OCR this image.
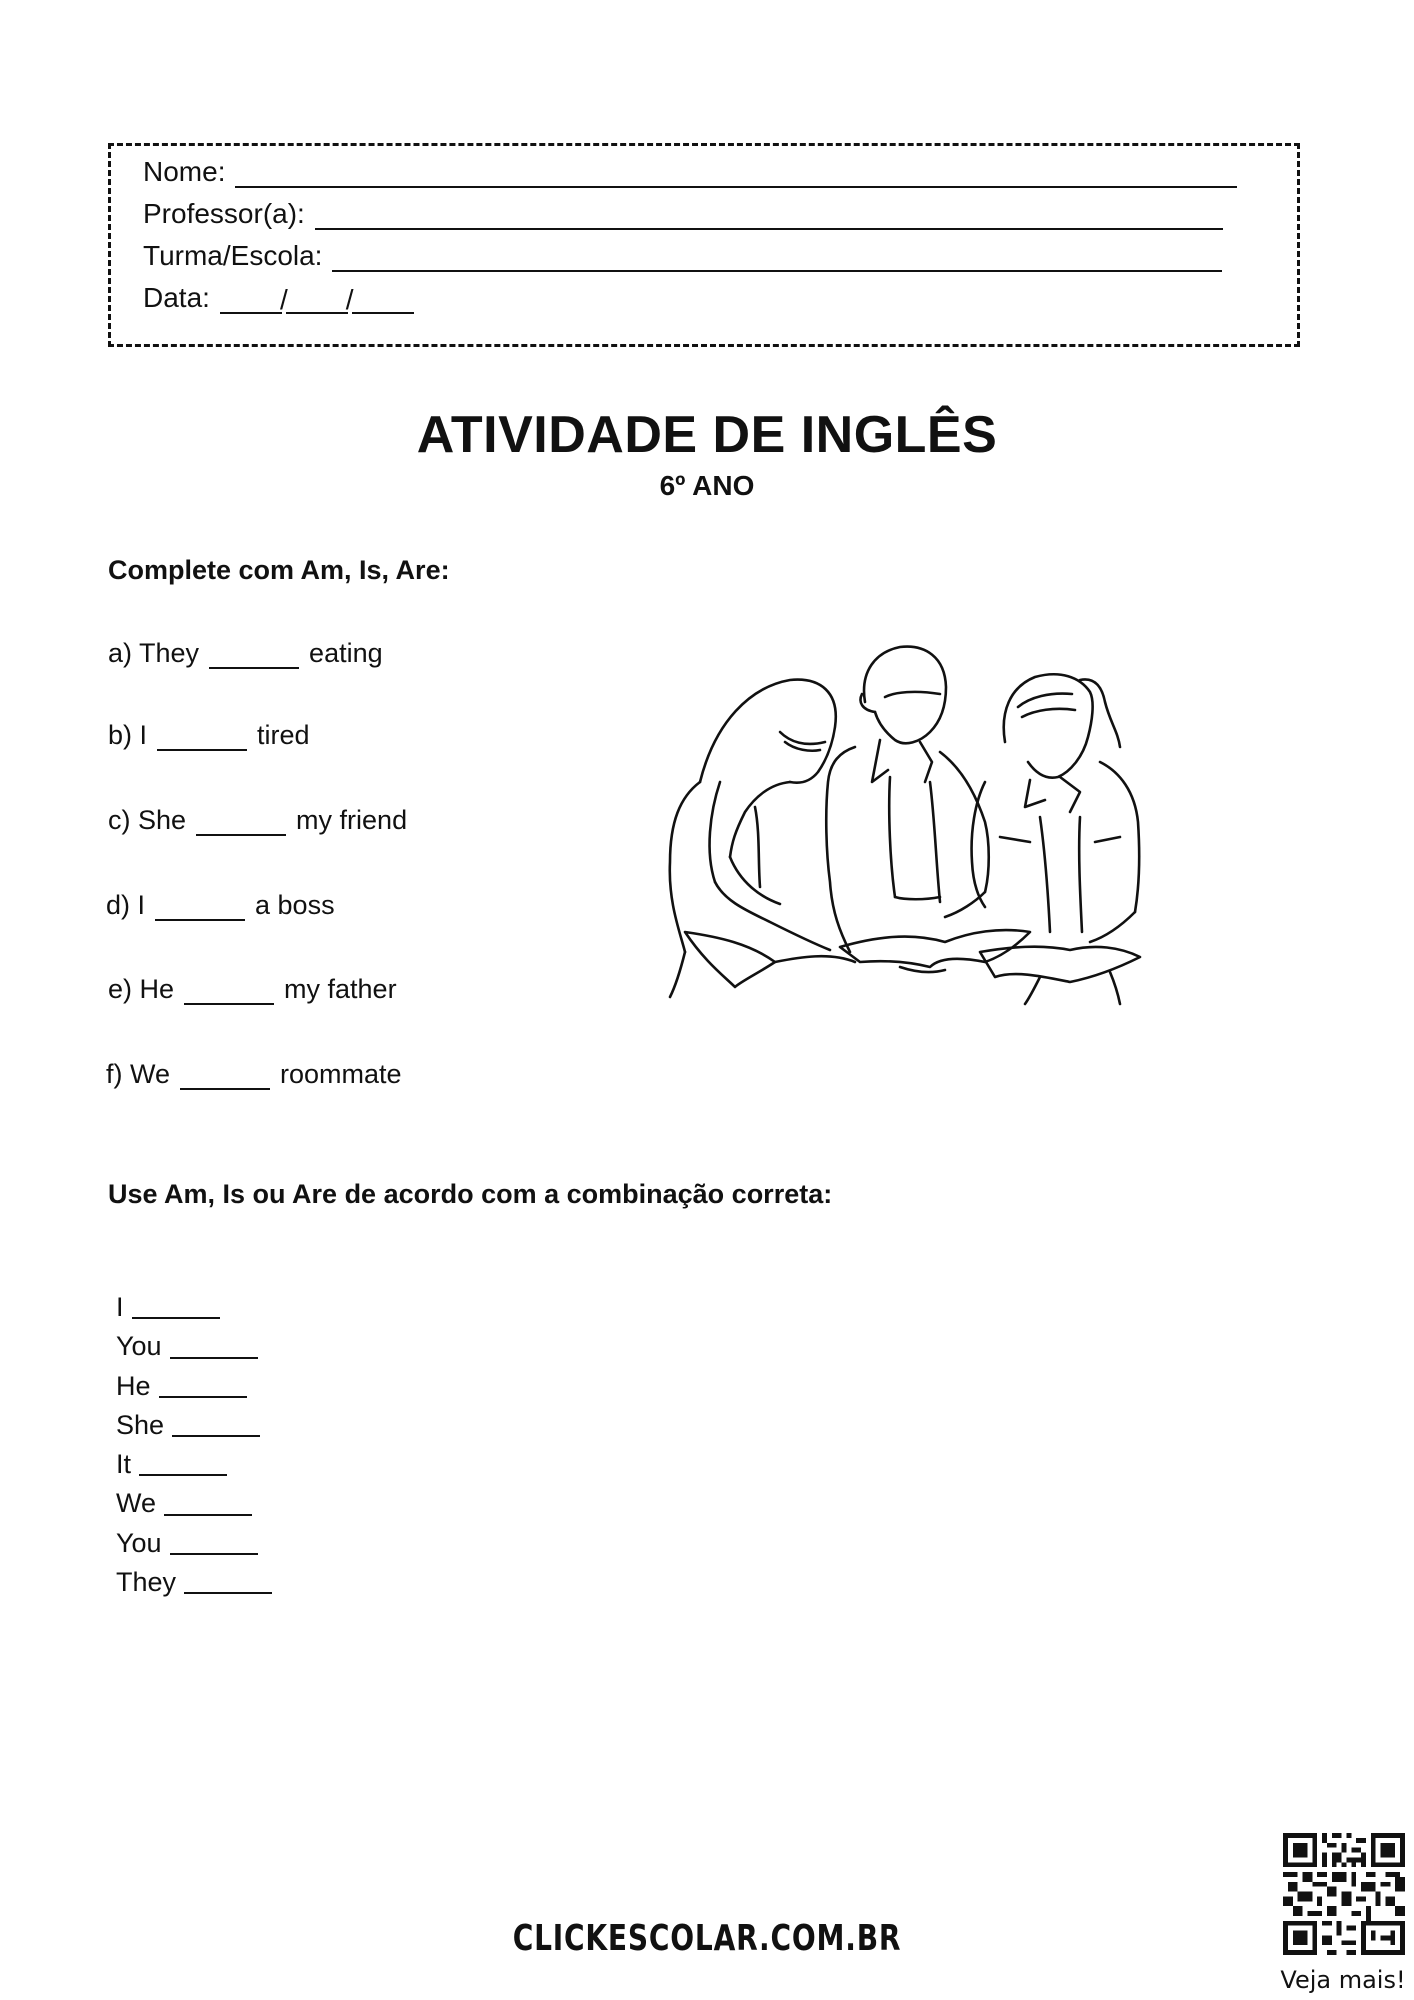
Nome:
Professor(a):
Turma/Escola:
Data:	/ /
ATIVIDADE DE INGLÊS
6º ANO
Complete com Am, Is, Are:
a) They	eating
b) I	tired
c) She	my friend
d) I	a boss
e) He	my father
f) We	roommate
Use Am, Is ou Are de acordo com a combinação correta:
I
You
He
She
It
We
You
They
CLICKESCOLAR.COM.BR
Veja mais!
